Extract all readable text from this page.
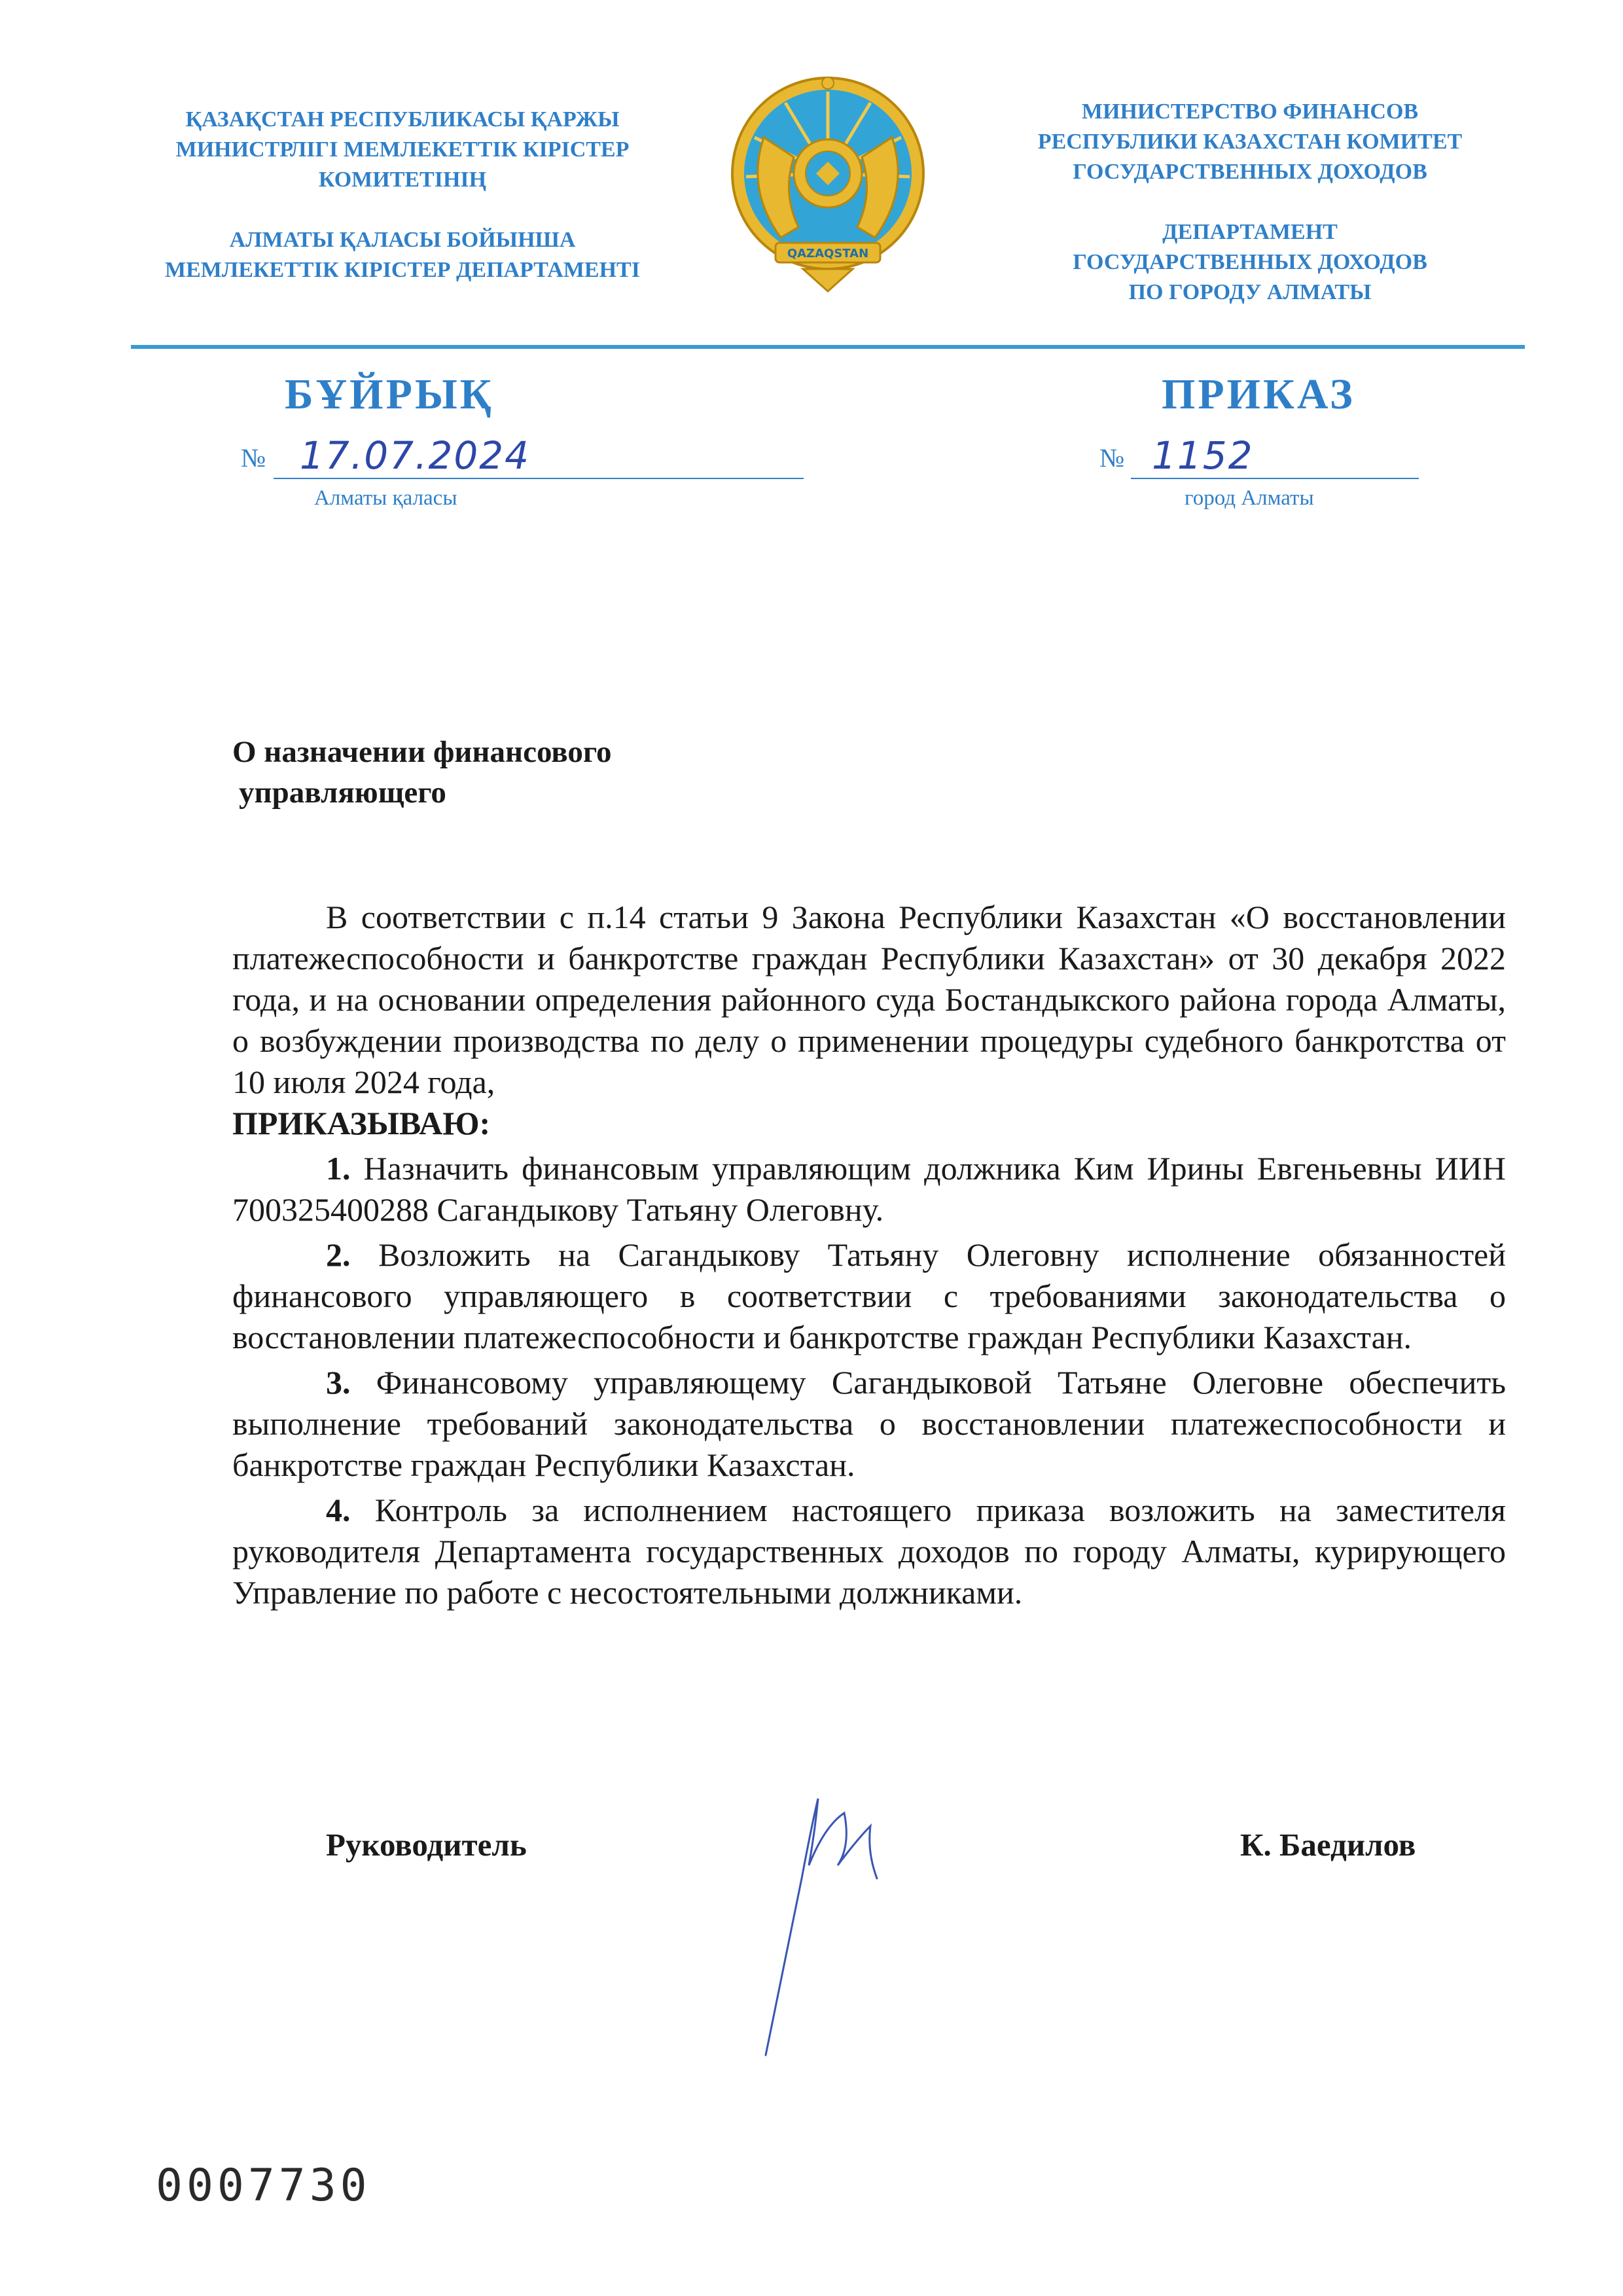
ҚАЗАҚСТАН РЕСПУБЛИКАСЫ ҚАРЖЫ
МИНИСТРЛІГІ МЕМЛЕКЕТТІК КІРІСТЕР
КОМИТЕТІНІҢ
АЛМАТЫ ҚАЛАСЫ БОЙЫНША
МЕМЛЕКЕТТІК КІРІСТЕР ДЕПАРТАМЕНТІ
QAZAQSTAN
МИНИСТЕРСТВО ФИНАНСОВ
РЕСПУБЛИКИ КАЗАХСТАН КОМИТЕТ
ГОСУДАРСТВЕННЫХ ДОХОДОВ
ДЕПАРТАМЕНТ
ГОСУДАРСТВЕННЫХ ДОХОДОВ
ПО ГОРОДУ АЛМАТЫ
БҰЙРЫҚ	ПРИКАЗ
№ 17.07.2024	№ 1152
Алматы қаласы	город Алматы
О назначении финансового
управляющего

В соответствии с п.14 статьи 9 Закона Республики Казахстан «О восстановлении платежеспособности и банкротстве граждан Республики Казахстан» от 30 декабря 2022 года, и на основании определения районного суда Бостандыкского района города Алматы, о возбуждении производства по делу о применении процедуры судебного банкротства от 10 июля 2024 года,

ПРИКАЗЫВАЮ:

1. Назначить финансовым управляющим должника Ким Ирины Евгеньевны ИИН 700325400288 Сагандыкову Татьяну Олеговну.

2. Возложить на Сагандыкову Татьяну Олеговну исполнение обязанностей финансового управляющего в соответствии с требованиями законодательства о восстановлении платежеспособности и банкротстве граждан Республики Казахстан.

3. Финансовому управляющему Сагандыковой Татьяне Олеговне обеспечить выполнение требований законодательства о восстановлении платежеспособности и банкротстве граждан Республики Казахстан.

4. Контроль за исполнением настоящего приказа возложить на заместителя руководителя Департамента государственных доходов по городу Алматы, курирующего Управление по работе с несостоятельными должниками.

Руководитель	К. Баедилов
0007730
